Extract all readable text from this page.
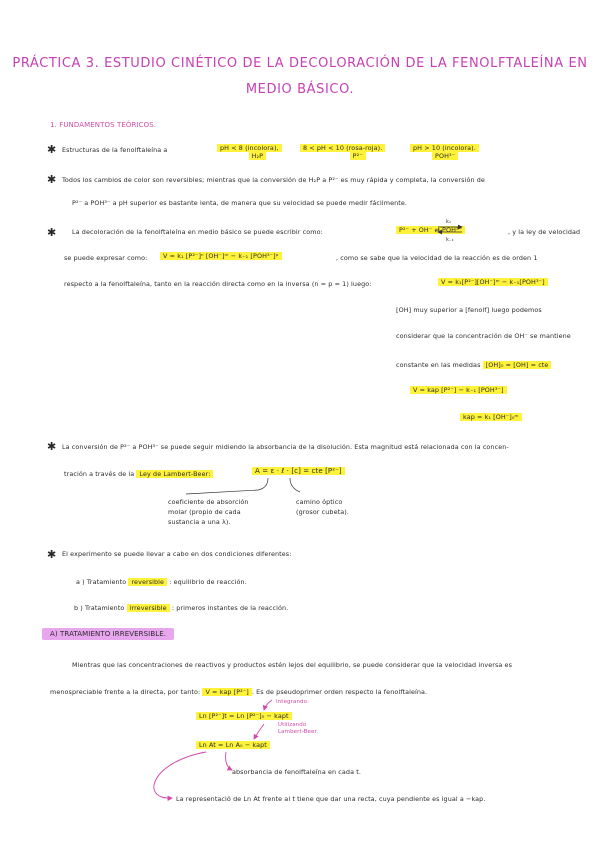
PRÁCTICA 3. ESTUDIO CINÉTICO DE LA DECOLORACIÓN DE LA FENOLFTALEÍNA EN
MEDIO BÁSICO.
1. FUNDAMENTOS TEÓRICOS.
✱ Estructuras de la fenolftaleína a	pH < 8 (incolora),
H₂P
8 < pH < 10 (rosa-roja).
P²⁻
pH > 10 (incolora).
POH³⁻
✱ Todos los cambios de color son reversibles; mientras que la conversión de H₂P a P²⁻ es muy rápida y completa, la conversión de
P²⁻ a POH³⁻ a pH superior es bastante lenta, de manera que su velocidad se puede medir fácilmente.
✱ La decoloración de la fenolftaleína en medio básico se puede escribir como:	P²⁻ + OH⁻ ⇄ POH³⁻
k₁
k₋₁
, y la ley de velocidad
se puede expresar como:	V = k₁ [P²⁻]ⁿ [OH⁻]ᵐ − k₋₁ [POH³⁻]ᵖ	, como se sabe que la velocidad de la reacción es de orden 1
respecto a la fenolftaleína, tanto en la reacción directa como en la inversa (n = p = 1) luego:	V = k₁[P²⁻][OH⁻]ᵐ − k₋₁[POH³⁻]
[OH] muy superior a [fenolf] luego podemos
considerar que la concentración de OH⁻ se mantiene
constante en las medidas [OH]₀ ≈ [OH] = cte
V = kap [P²⁻] − k₋₁ [POH³⁻]
kap = k₁ [OH⁻]₀ᵐ
✱ La conversión de P²⁻ a POH³⁻ se puede seguir midiendo la absorbancia de la disolución. Esta magnitud está relacionada con la concen-
tración a través de la Ley de Lambert-Beer:	A = ε · ℓ · [c] = cte [P²⁻]
coeficiente de absorción
molar (propio de cada
sustancia a una λ).
camino óptico
(grosor cubeta).
✱ El experimento se puede llevar a cabo en dos condiciones diferentes:
a ) Tratamiento reversible : equilibrio de reacción.
b ) Tratamiento irreversible : primeros instantes de la reacción.
A) TRATAMIENTO IRREVERSIBLE.
Mientras que las concentraciones de reactivos y productos estén lejos del equilibrio, se puede considerar que la velocidad inversa es
menospreciable frente a la directa, por tanto: V = kap [P²⁻] . Es de pseudoprimer orden respecto la fenolftaleína.
Integrando.
Ln [P²⁻]t = Ln [P²⁻]₀ − kapt
Utilizando
Lambert-Beer.
Ln At = Ln A₀ − kapt
absorbancia de fenolftaleína en cada t.
La representació de Ln At frente al t tiene que dar una recta, cuya pendiente es igual a −kap.
